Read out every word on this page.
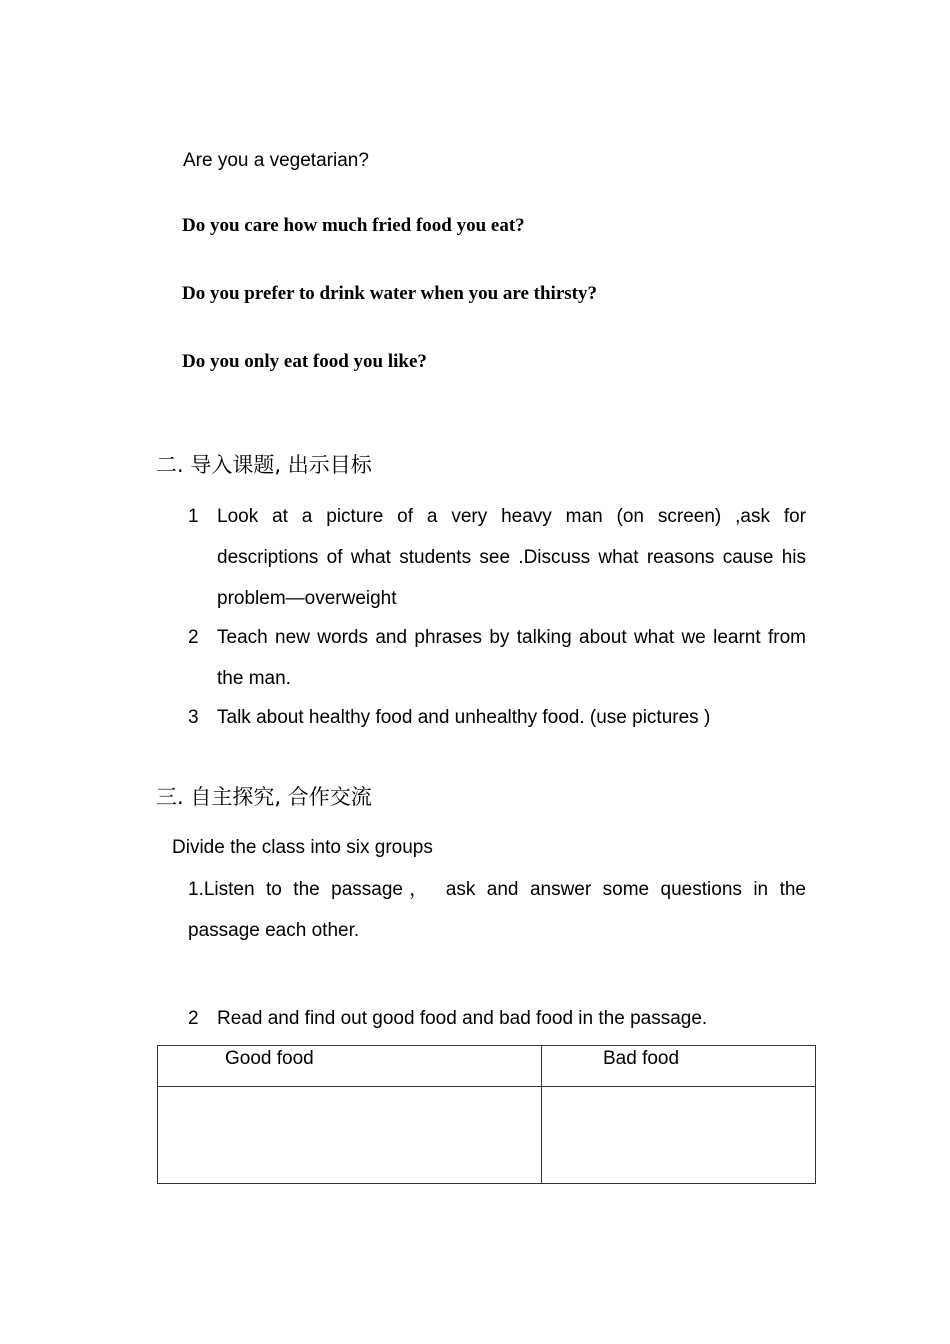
Are you a vegetarian?
Do you care how much fried food you eat?
Do you prefer to drink water when you are thirsty?
Do you only eat food you like?
二. 导入课题, 出示目标
1 Look at a picture of a very heavy man (on screen) ,ask for descriptions of what students see .Discuss what reasons cause his problem—overweight
2 Teach new words and phrases by talking about what we learnt from the man.
3 Talk about healthy food and unhealthy food. (use pictures )
三. 自主探究, 合作交流
Divide the class into six groups
1.Listen to the passage， ask and answer some questions in the passage each other.
2 Read and find out good food and bad food in the passage.
Good food	Bad food
